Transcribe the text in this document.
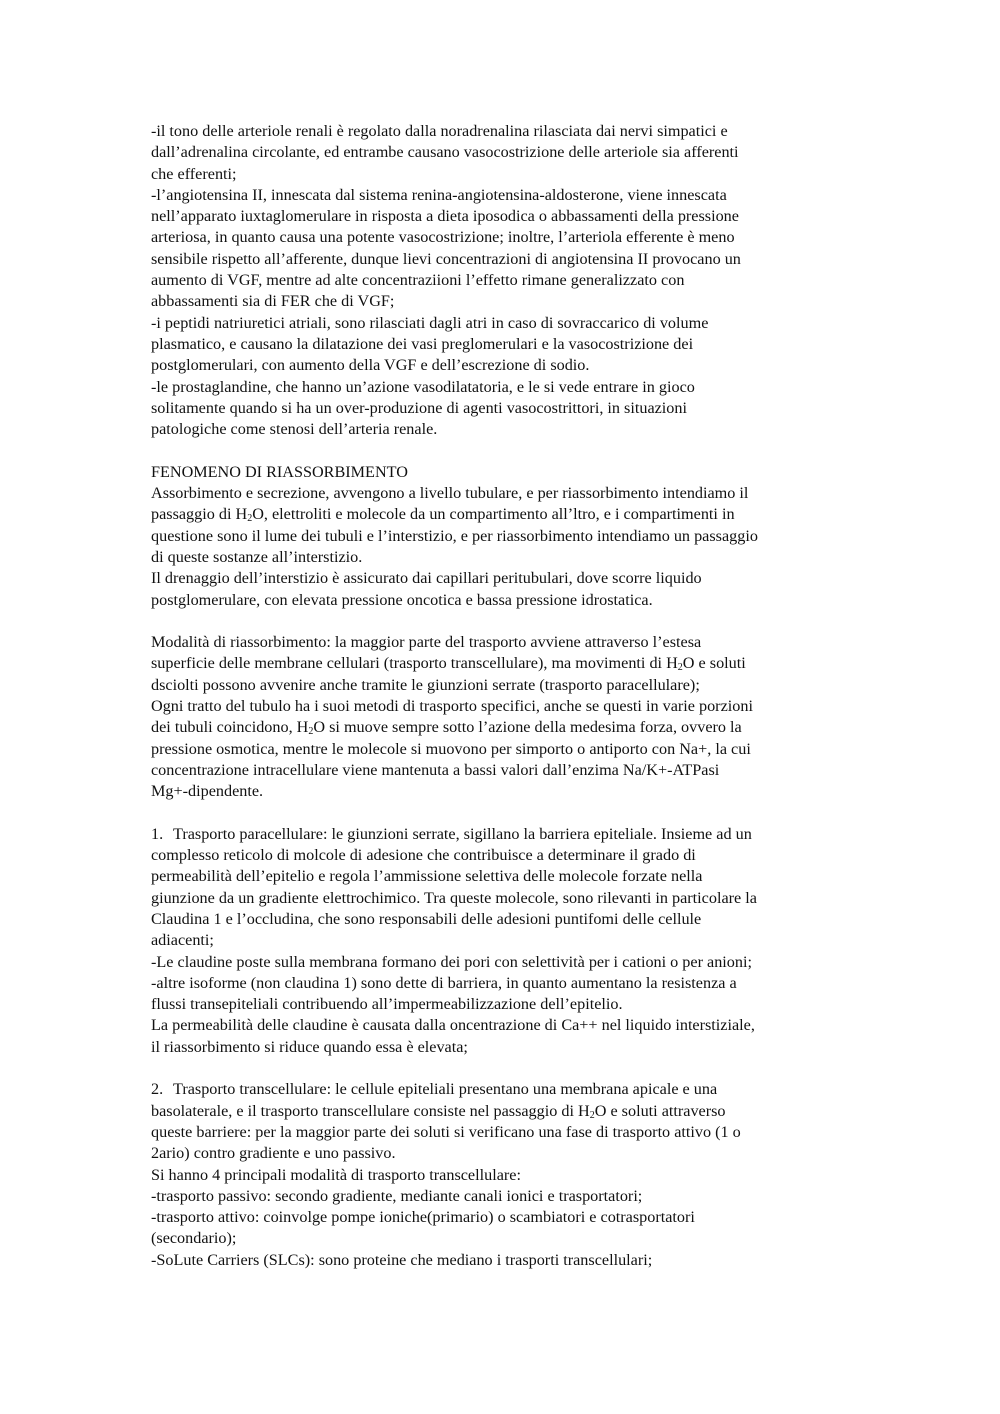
-il tono delle arteriole renali è regolato dalla noradrenalina rilasciata dai nervi simpatici e
dall’adrenalina circolante, ed entrambe causano vasocostrizione delle arteriole sia afferenti
che efferenti;
-l’angiotensina II, innescata dal sistema renina-angiotensina-aldosterone, viene innescata
nell’apparato iuxtaglomerulare in risposta a dieta iposodica o abbassamenti della pressione
arteriosa, in quanto causa una potente vasocostrizione; inoltre, l’arteriola efferente è meno
sensibile rispetto all’afferente, dunque lievi concentrazioni di angiotensina II provocano un
aumento di VGF, mentre ad alte concentraziioni l’effetto rimane generalizzato con
abbassamenti sia di FER che di VGF;
-i peptidi natriuretici atriali, sono rilasciati dagli atri in caso di sovraccarico di volume
plasmatico, e causano la dilatazione dei vasi preglomerulari e la vasocostrizione dei
postglomerulari, con aumento della VGF e dell’escrezione di sodio.
-le prostaglandine, che hanno un’azione vasodilatatoria, e le si vede entrare in gioco
solitamente quando si ha un over-produzione di agenti vasocostrittori, in situazioni
patologiche come stenosi dell’arteria renale.
FENOMENO DI RIASSORBIMENTO
Assorbimento e secrezione, avvengono a livello tubulare, e per riassorbimento intendiamo il
passaggio di $H_2O$, elettroliti e molecole da un compartimento all’ltro, e i compartimenti in
questione sono il lume dei tubuli e l’interstizio, e per riassorbimento intendiamo un passaggio
di queste sostanze all’interstizio.
Il drenaggio dell’interstizio è assicurato dai capillari peritubulari, dove scorre liquido
postglomerulare, con elevata pressione oncotica e bassa pressione idrostatica.
Modalità di riassorbimento: la maggior parte del trasporto avviene attraverso l’estesa
superficie delle membrane cellulari (trasporto transcellulare), ma movimenti di $H_2O$ e soluti
dsciolti possono avvenire anche tramite le giunzioni serrate (trasporto paracellulare);
Ogni tratto del tubulo ha i suoi metodi di trasporto specifici, anche se questi in varie porzioni
dei tubuli coincidono, $H_2O$ si muove sempre sotto l’azione della medesima forza, ovvero la
pressione osmotica, mentre le molecole si muovono per simporto o antiporto con Na+, la cui
concentrazione intracellulare viene mantenuta a bassi valori dall’enzima Na/K+-ATPasi
Mg+-dipendente.
1. Trasporto paracellulare: le giunzioni serrate, sigillano la barriera epiteliale. Insieme ad un
complesso reticolo di molcole di adesione che contribuisce a determinare il grado di
permeabilità dell’epitelio e regola l’ammissione selettiva delle molecole forzate nella
giunzione da un gradiente elettrochimico. Tra queste molecole, sono rilevanti in particolare la
Claudina 1 e l’occludina, che sono responsabili delle adesioni puntifomi delle cellule
adiacenti;
-Le claudine poste sulla membrana formano dei pori con selettività per i cationi o per anioni;
-altre isoforme (non claudina 1) sono dette di barriera, in quanto aumentano la resistenza a
flussi transepiteliali contribuendo all’impermeabilizzazione dell’epitelio.
La permeabilità delle claudine è causata dalla oncentrazione di Ca++ nel liquido interstiziale,
il riassorbimento si riduce quando essa è elevata;
2. Trasporto transcellulare: le cellule epiteliali presentano una membrana apicale e una
basolaterale, e il trasporto transcellulare consiste nel passaggio di $H_2O$ e soluti attraverso
queste barriere: per la maggior parte dei soluti si verificano una fase di trasporto attivo (1 o
2ario) contro gradiente e uno passivo.
Si hanno 4 principali modalità di trasporto transcellulare:
-trasporto passivo: secondo gradiente, mediante canali ionici e trasportatori;
-trasporto attivo: coinvolge pompe ioniche(primario) o scambiatori e cotrasportatori
(secondario);
-SoLute Carriers (SLCs): sono proteine che mediano i trasporti transcellulari;
